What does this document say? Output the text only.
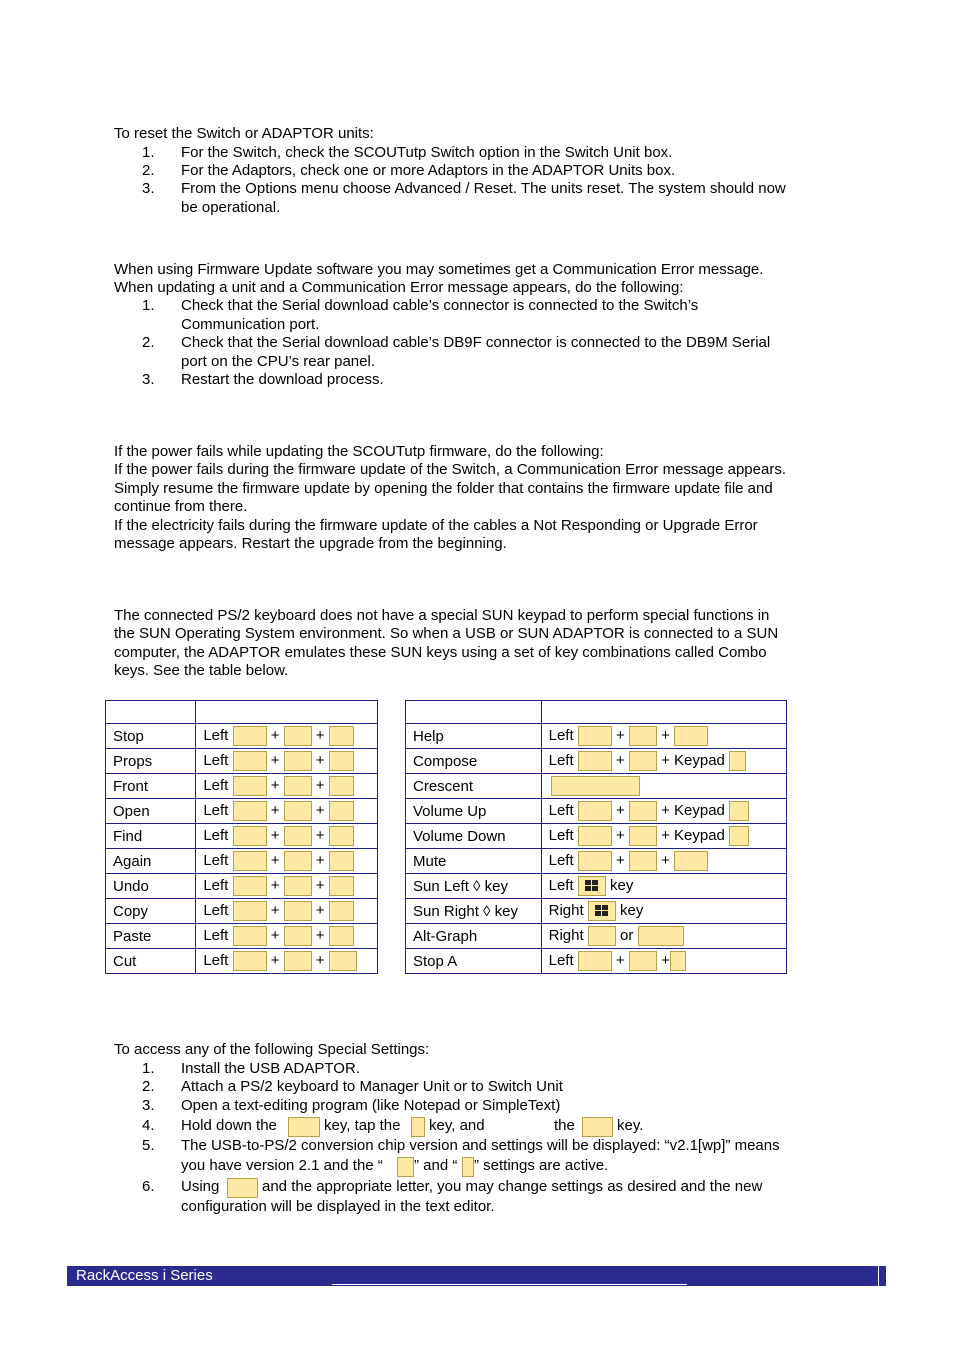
To reset the Switch or ADAPTOR units:
1. For the Switch, check the SCOUTutp Switch option in the Switch Unit box.
2. For the Adaptors, check one or more Adaptors in the ADAPTOR Units box.
3. From the Options menu choose Advanced / Reset. The units reset. The system should now
be operational.
When using Firmware Update software you may sometimes get a Communication Error message.
When updating a unit and a Communication Error message appears, do the following:
1. Check that the Serial download cable’s connector is connected to the Switch’s
Communication port.
2. Check that the Serial download cable’s DB9F connector is connected to the DB9M Serial
port on the CPU’s rear panel.
3. Restart the download process.
If the power fails while updating the SCOUTutp firmware, do the following:
If the power fails during the firmware update of the Switch, a Communication Error message appears.
Simply resume the firmware update by opening the folder that contains the firmware update file and
continue from there.
If the electricity fails during the firmware update of the cables a Not Responding or Upgrade Error
message appears. Restart the upgrade from the beginning.
The connected PS/2 keyboard does not have a special SUN keypad to perform special functions in
the SUN Operating System environment. So when a USB or SUN ADAPTOR is connected to a SUN
computer, the ADAPTOR emulates these SUN keys using a set of key combinations called Combo
keys. See the table below.

Stop	Left + +
Props	Left + +
Front	Left + +
Open	Left + +
Find	Left + +
Again	Left + +
Undo	Left + +
Copy	Left + +
Paste	Left + +
Cut	Left + +

Help	Left + +
Compose	Left + + Keypad
Crescent	
Volume Up	Left + + Keypad
Volume Down	Left + + Keypad
Mute	Left + +
Sun Left ◊ key	Left key
Sun Right ◊ key	Right key
Alt-Graph	Right or
Stop A	Left + +
To access any of the following Special Settings:
1. Install the USB ADAPTOR.
2. Attach a PS/2 keyboard to Manager Unit or to Switch Unit
3. Open a text-editing program (like Notepad or SimpleText)
4. Hold down the	key, tap the key, and	the	key.
5. The USB-to-PS/2 conversion chip version and settings will be displayed: “v2.1[wp]” means
you have version 2.1 and the “ ” and “ ” settings are active.
6. Using	and the appropriate letter, you may change settings as desired and the new
configuration will be displayed in the text editor.
RackAccess i Series
